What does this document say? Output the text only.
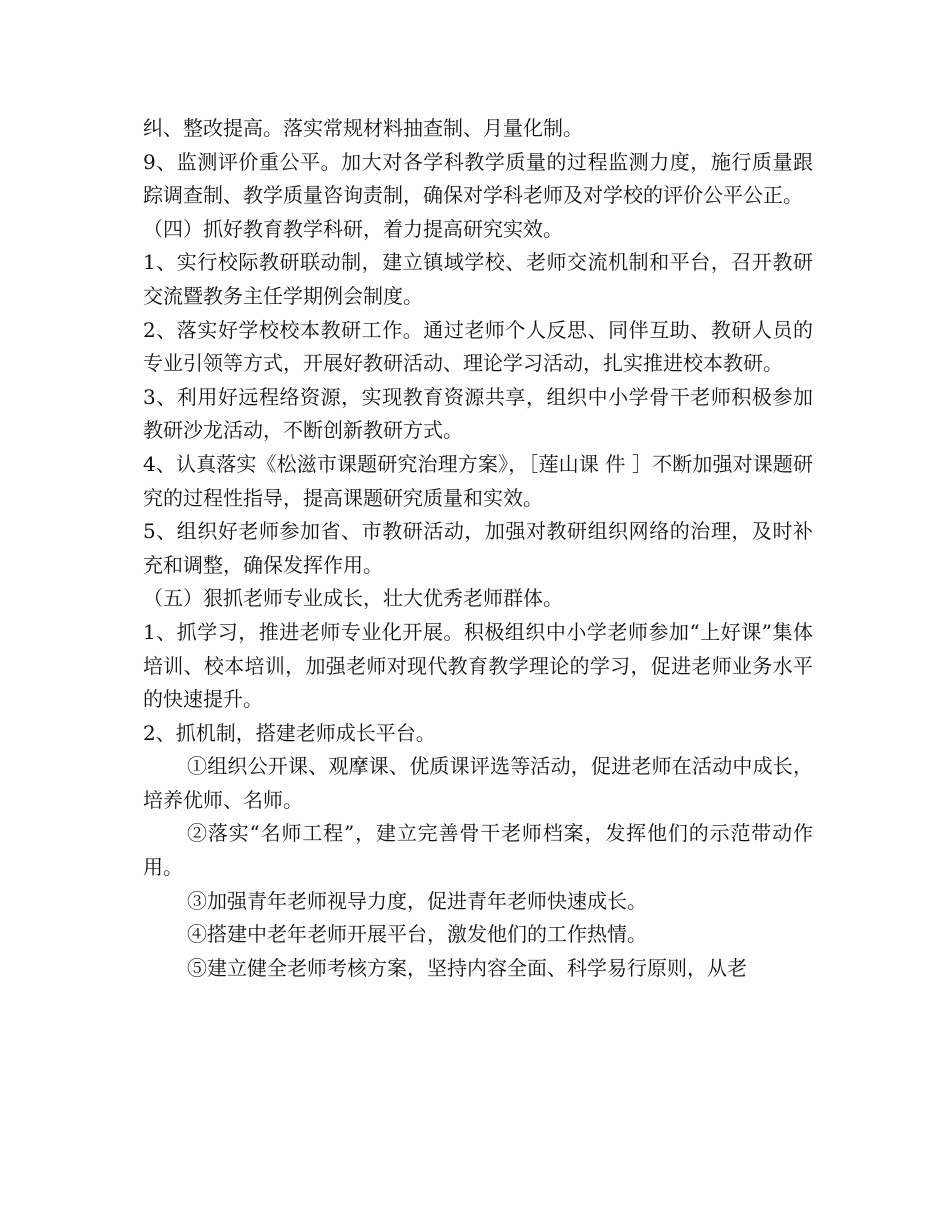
纠、整改提高。落实常规材料抽查制、月量化制。

9、监测评价重公平。加大对各学科教学质量的过程监测力度，施行质量跟踪调查制、教学质量咨询责制，确保对学科老师及对学校的评价公平公正。

（四）抓好教育教学科研，着力提高研究实效。

1、实行校际教研联动制，建立镇域学校、老师交流机制和平台，召开教研交流暨教务主任学期例会制度。

2、落实好学校校本教研工作。通过老师个人反思、同伴互助、教研人员的专业引领等方式，开展好教研活动、理论学习活动，扎实推进校本教研。

3、利用好远程络资源，实现教育资源共享，组织中小学骨干老师积极参加教研沙龙活动，不断创新教研方式。

4、认真落实《松滋市课题研究治理方案》，［莲山课 件 ］不断加强对课题研究的过程性指导，提高课题研究质量和实效。

5、组织好老师参加省、市教研活动，加强对教研组织网络的治理，及时补充和调整，确保发挥作用。

（五）狠抓老师专业成长，壮大优秀老师群体。

1、抓学习，推进老师专业化开展。积极组织中小学老师参加“上好课”集体培训、校本培训，加强老师对现代教育教学理论的学习，促进老师业务水平的快速提升。

2、抓机制，搭建老师成长平台。

①组织公开课、观摩课、优质课评选等活动，促进老师在活动中成长，培养优师、名师。

②落实“名师工程”，建立完善骨干老师档案，发挥他们的示范带动作用。

③加强青年老师视导力度，促进青年老师快速成长。

④搭建中老年老师开展平台，激发他们的工作热情。

⑤建立健全老师考核方案，坚持内容全面、科学易行原则，从老
